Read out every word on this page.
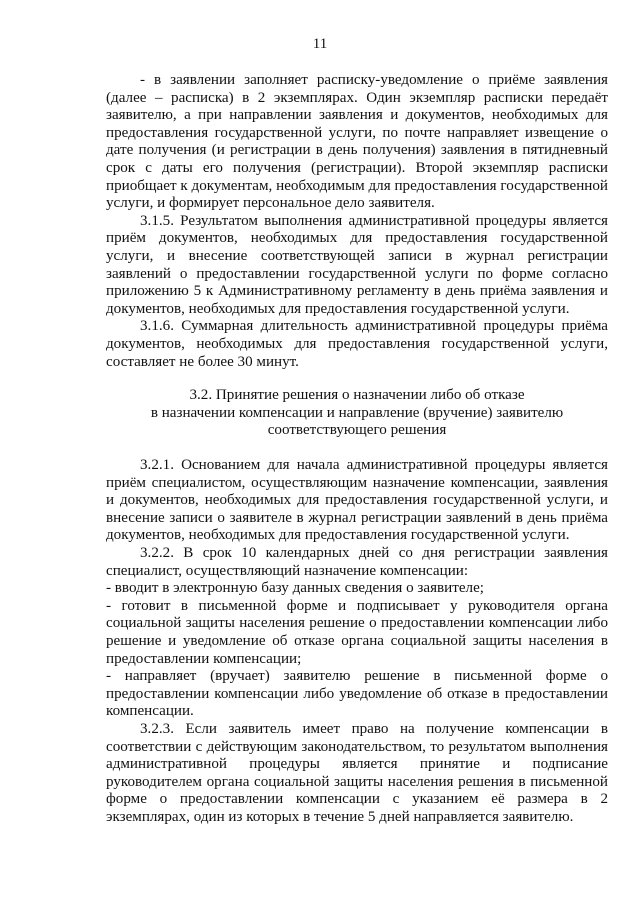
11

- в заявлении заполняет расписку-уведомление о приёме заявления (далее – расписка) в 2 экземплярах. Один экземпляр расписки передаёт заявителю, а при направлении заявления и документов, необходимых для предоставления государственной услуги, по почте направляет извещение о дате получения (и регистрации в день получения) заявления в пятидневный срок с даты его получения (регистрации). Второй экземпляр расписки приобщает к документам, необходимым для предоставления государственной услуги, и формирует персональное дело заявителя.

3.1.5. Результатом выполнения административной процедуры является приём документов, необходимых для предоставления государственной услуги, и внесение соответствующей записи в журнал регистрации заявлений о предоставлении государственной услуги по форме согласно приложению 5 к Административному регламенту в день приёма заявления и документов, необходимых для предоставления государственной услуги.

3.1.6. Суммарная длительность административной процедуры приёма документов, необходимых для предоставления государственной услуги, составляет не более 30 минут.

3.2. Принятие решения о назначении либо об отказе
в назначении компенсации и направление (вручение) заявителю
соответствующего решения

3.2.1. Основанием для начала административной процедуры является приём специалистом, осуществляющим назначение компенсации, заявления и документов, необходимых для предоставления государственной услуги, и внесение записи о заявителе в журнал регистрации заявлений в день приёма документов, необходимых для предоставления государственной услуги.

3.2.2. В срок 10 календарных дней со дня регистрации заявления специалист, осуществляющий назначение компенсации:

- вводит в электронную базу данных сведения о заявителе;

- готовит в письменной форме и подписывает у руководителя органа социальной защиты населения решение о предоставлении компенсации либо решение и уведомление об отказе органа социальной защиты населения в предоставлении компенсации;

- направляет (вручает) заявителю решение в письменной форме о предоставлении компенсации либо уведомление об отказе в предоставлении компенсации.

3.2.3. Если заявитель имеет право на получение компенсации в соответствии с действующим законодательством, то результатом выполнения административной процедуры является принятие и подписание руководителем органа социальной защиты населения решения в письменной форме о предоставлении компенсации с указанием её размера в 2 экземплярах, один из которых в течение 5 дней направляется заявителю.
